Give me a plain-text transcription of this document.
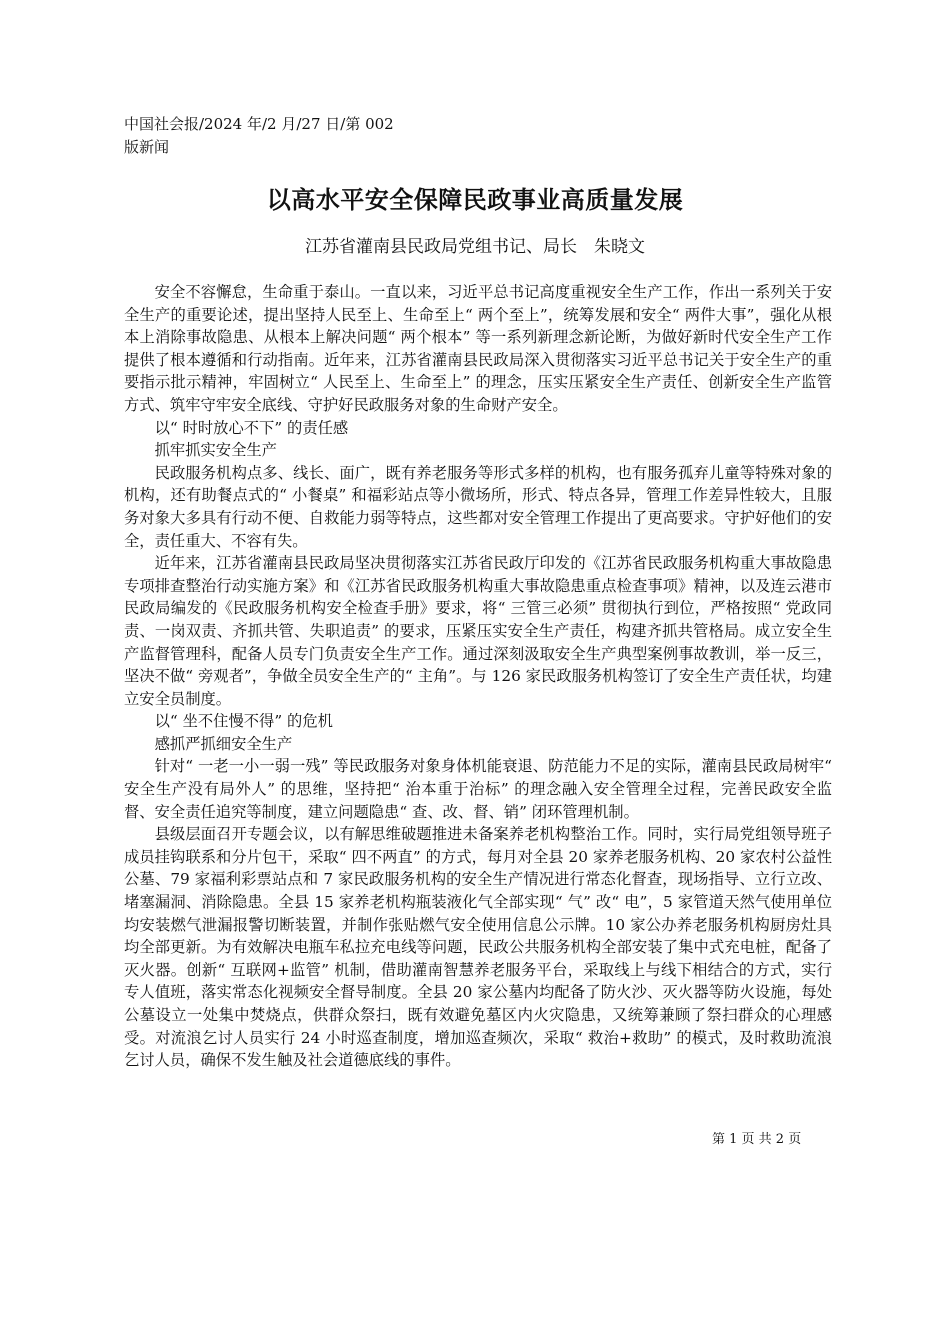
中国社会报/2024 年/2 月/27 日/第 002
版新闻
以高水平安全保障民政事业高质量发展
江苏省灌南县民政局党组书记、局长　朱晓文

安全不容懈怠，生命重于泰山。一直以来，习近平总书记高度重视安全生产工作，作出一系列关于安全生产的重要论述，提出坚持人民至上、生命至上“ 两个至上”，统筹发展和安全“ 两件大事”，强化从根本上消除事故隐患、从根本上解决问题“ 两个根本” 等一系列新理念新论断，为做好新时代安全生产工作提供了根本遵循和行动指南。近年来，江苏省灌南县民政局深入贯彻落实习近平总书记关于安全生产的重要指示批示精神，牢固树立“ 人民至上、生命至上” 的理念，压实压紧安全生产责任、创新安全生产监管方式、筑牢守牢安全底线、守护好民政服务对象的生命财产安全。

以“ 时时放心不下” 的责任感

抓牢抓实安全生产

民政服务机构点多、线长、面广，既有养老服务等形式多样的机构，也有服务孤弃儿童等特殊对象的机构，还有助餐点式的“ 小餐桌” 和福彩站点等小微场所，形式、特点各异，管理工作差异性较大，且服务对象大多具有行动不便、自救能力弱等特点，这些都对安全管理工作提出了更高要求。守护好他们的安全，责任重大、不容有失。

近年来，江苏省灌南县民政局坚决贯彻落实江苏省民政厅印发的《江苏省民政服务机构重大事故隐患专项排查整治行动实施方案》和《江苏省民政服务机构重大事故隐患重点检查事项》精神，以及连云港市民政局编发的《民政服务机构安全检查手册》要求，将“ 三管三必须” 贯彻执行到位，严格按照“ 党政同责、一岗双责、齐抓共管、失职追责” 的要求，压紧压实安全生产责任，构建齐抓共管格局。成立安全生产监督管理科，配备人员专门负责安全生产工作。通过深刻汲取安全生产典型案例事故教训，举一反三，坚决不做“ 旁观者”，争做全员安全生产的“ 主角”。与 126 家民政服务机构签订了安全生产责任状，均建立安全员制度。

以“ 坐不住慢不得” 的危机

感抓严抓细安全生产

针对“ 一老一小一弱一残” 等民政服务对象身体机能衰退、防范能力不足的实际，灌南县民政局树牢“ 安全生产没有局外人” 的思维，坚持把“ 治本重于治标” 的理念融入安全管理全过程，完善民政安全监督、安全责任追究等制度，建立问题隐患“ 查、改、督、销” 闭环管理机制。

县级层面召开专题会议，以有解思维破题推进未备案养老机构整治工作。同时，实行局党组领导班子成员挂钩联系和分片包干，采取“ 四不两直” 的方式，每月对全县 20 家养老服务机构、20 家农村公益性公墓、79 家福利彩票站点和 7 家民政服务机构的安全生产情况进行常态化督查，现场指导、立行立改、堵塞漏洞、消除隐患。全县 15 家养老机构瓶装液化气全部实现“ 气” 改“ 电”，5 家管道天然气使用单位均安装燃气泄漏报警切断装置，并制作张贴燃气安全使用信息公示牌。10 家公办养老服务机构厨房灶具均全部更新。为有效解决电瓶车私拉充电线等问题，民政公共服务机构全部安装了集中式充电桩，配备了灭火器。创新“ 互联网+监管” 机制，借助灌南智慧养老服务平台，采取线上与线下相结合的方式，实行专人值班，落实常态化视频安全督导制度。全县 20 家公墓内均配备了防火沙、灭火器等防火设施，每处公墓设立一处集中焚烧点，供群众祭扫，既有效避免墓区内火灾隐患，又统筹兼顾了祭扫群众的心理感受。对流浪乞讨人员实行 24 小时巡查制度，增加巡查频次，采取“ 救治+救助” 的模式，及时救助流浪乞讨人员，确保不发生触及社会道德底线的事件。

第 1 页 共 2 页
